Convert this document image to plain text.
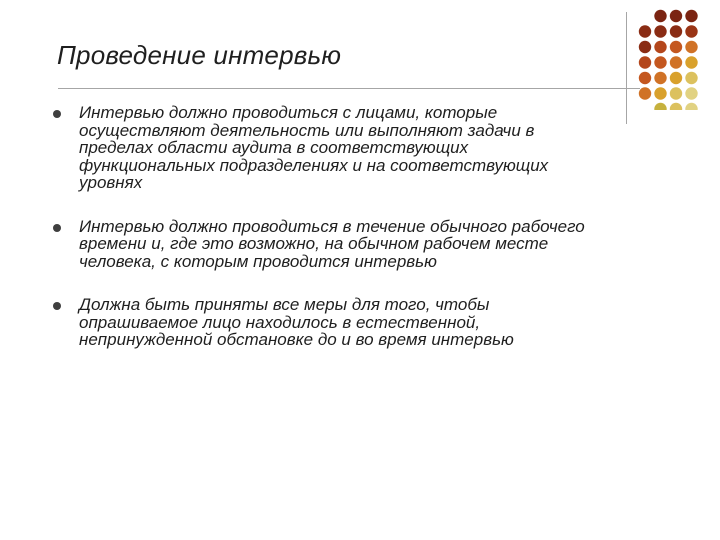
Проведение интервью
Интервью должно проводиться с лицами, которые
осуществляют деятельность или выполняют задачи в
пределах области аудита в соответствующих
функциональных подразделениях и на соответствующих
уровнях
Интервью должно проводиться в течение обычного рабочего
времени и, где это возможно, на обычном рабочем месте
человека, с которым проводится интервью
Должна быть приняты все меры для того, чтобы
опрашиваемое лицо находилось в естественной,
непринужденной обстановке до и во время интервью
